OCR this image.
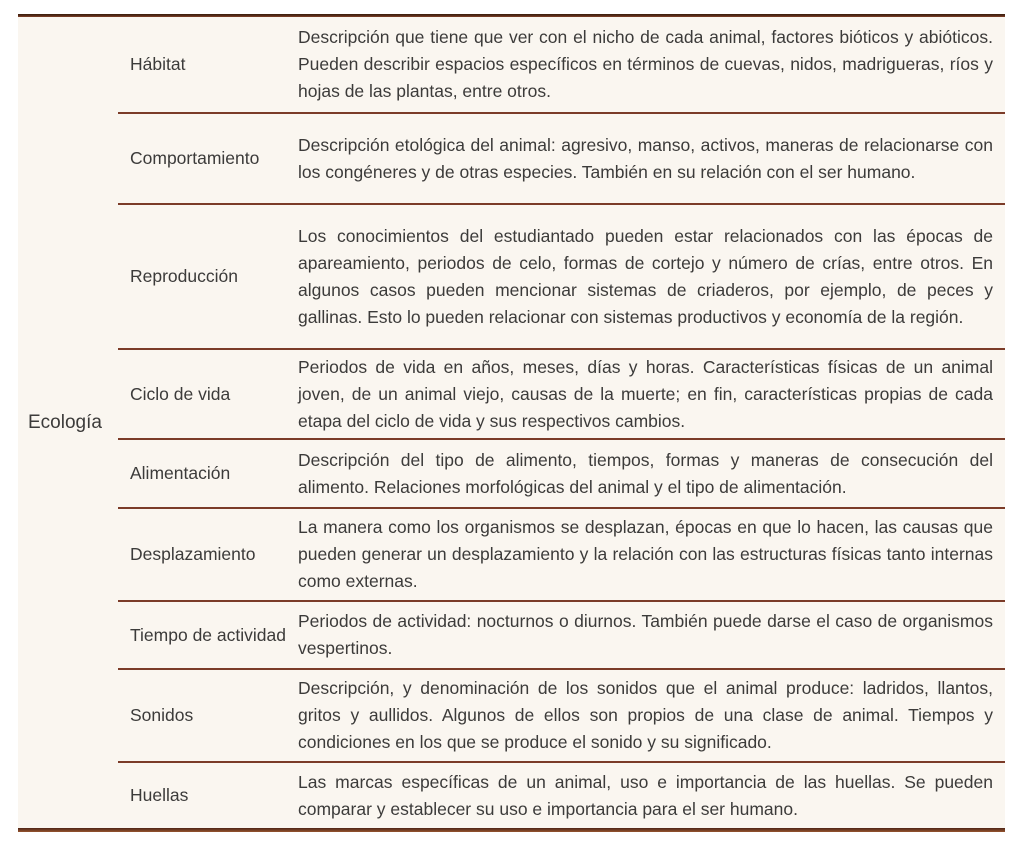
Ecología	Hábitat	Descripción que tiene que ver con el nicho de cada animal, factores bióticos y abióticos. Pueden describir espacios específicos en términos de cuevas, nidos, madrigueras, ríos y hojas de las plantas, entre otros.
	Comportamiento	Descripción etológica del animal: agresivo, manso, activos, maneras de relacionarse con los congéneres y de otras especies. También en su relación con el ser humano.
	Reproducción	Los conocimientos del estudiantado pueden estar relacionados con las épocas de apareamiento, periodos de celo, formas de cortejo y número de crías, entre otros. En algunos casos pueden mencionar sistemas de criaderos, por ejemplo, de peces y gallinas. Esto lo pueden relacionar con sistemas productivos y economía de la región.
	Ciclo de vida	Periodos de vida en años, meses, días y horas. Características físicas de un animal joven, de un animal viejo, causas de la muerte; en fin, características propias de cada etapa del ciclo de vida y sus respectivos cambios.
	Alimentación	Descripción del tipo de alimento, tiempos, formas y maneras de consecución del alimento. Relaciones morfológicas del animal y el tipo de alimentación.
	Desplazamiento	La manera como los organismos se desplazan, épocas en que lo hacen, las causas que pueden generar un desplazamiento y la relación con las estructuras físicas tanto internas como externas.
	Tiempo de actividad	Periodos de actividad: nocturnos o diurnos. También puede darse el caso de organismos vespertinos.
	Sonidos	Descripción, y denominación de los sonidos que el animal produce: ladridos, llantos, gritos y aullidos. Algunos de ellos son propios de una clase de animal. Tiempos y condiciones en los que se produce el sonido y su significado.
	Huellas	Las marcas específicas de un animal, uso e importancia de las huellas. Se pueden comparar y establecer su uso e importancia para el ser humano.
